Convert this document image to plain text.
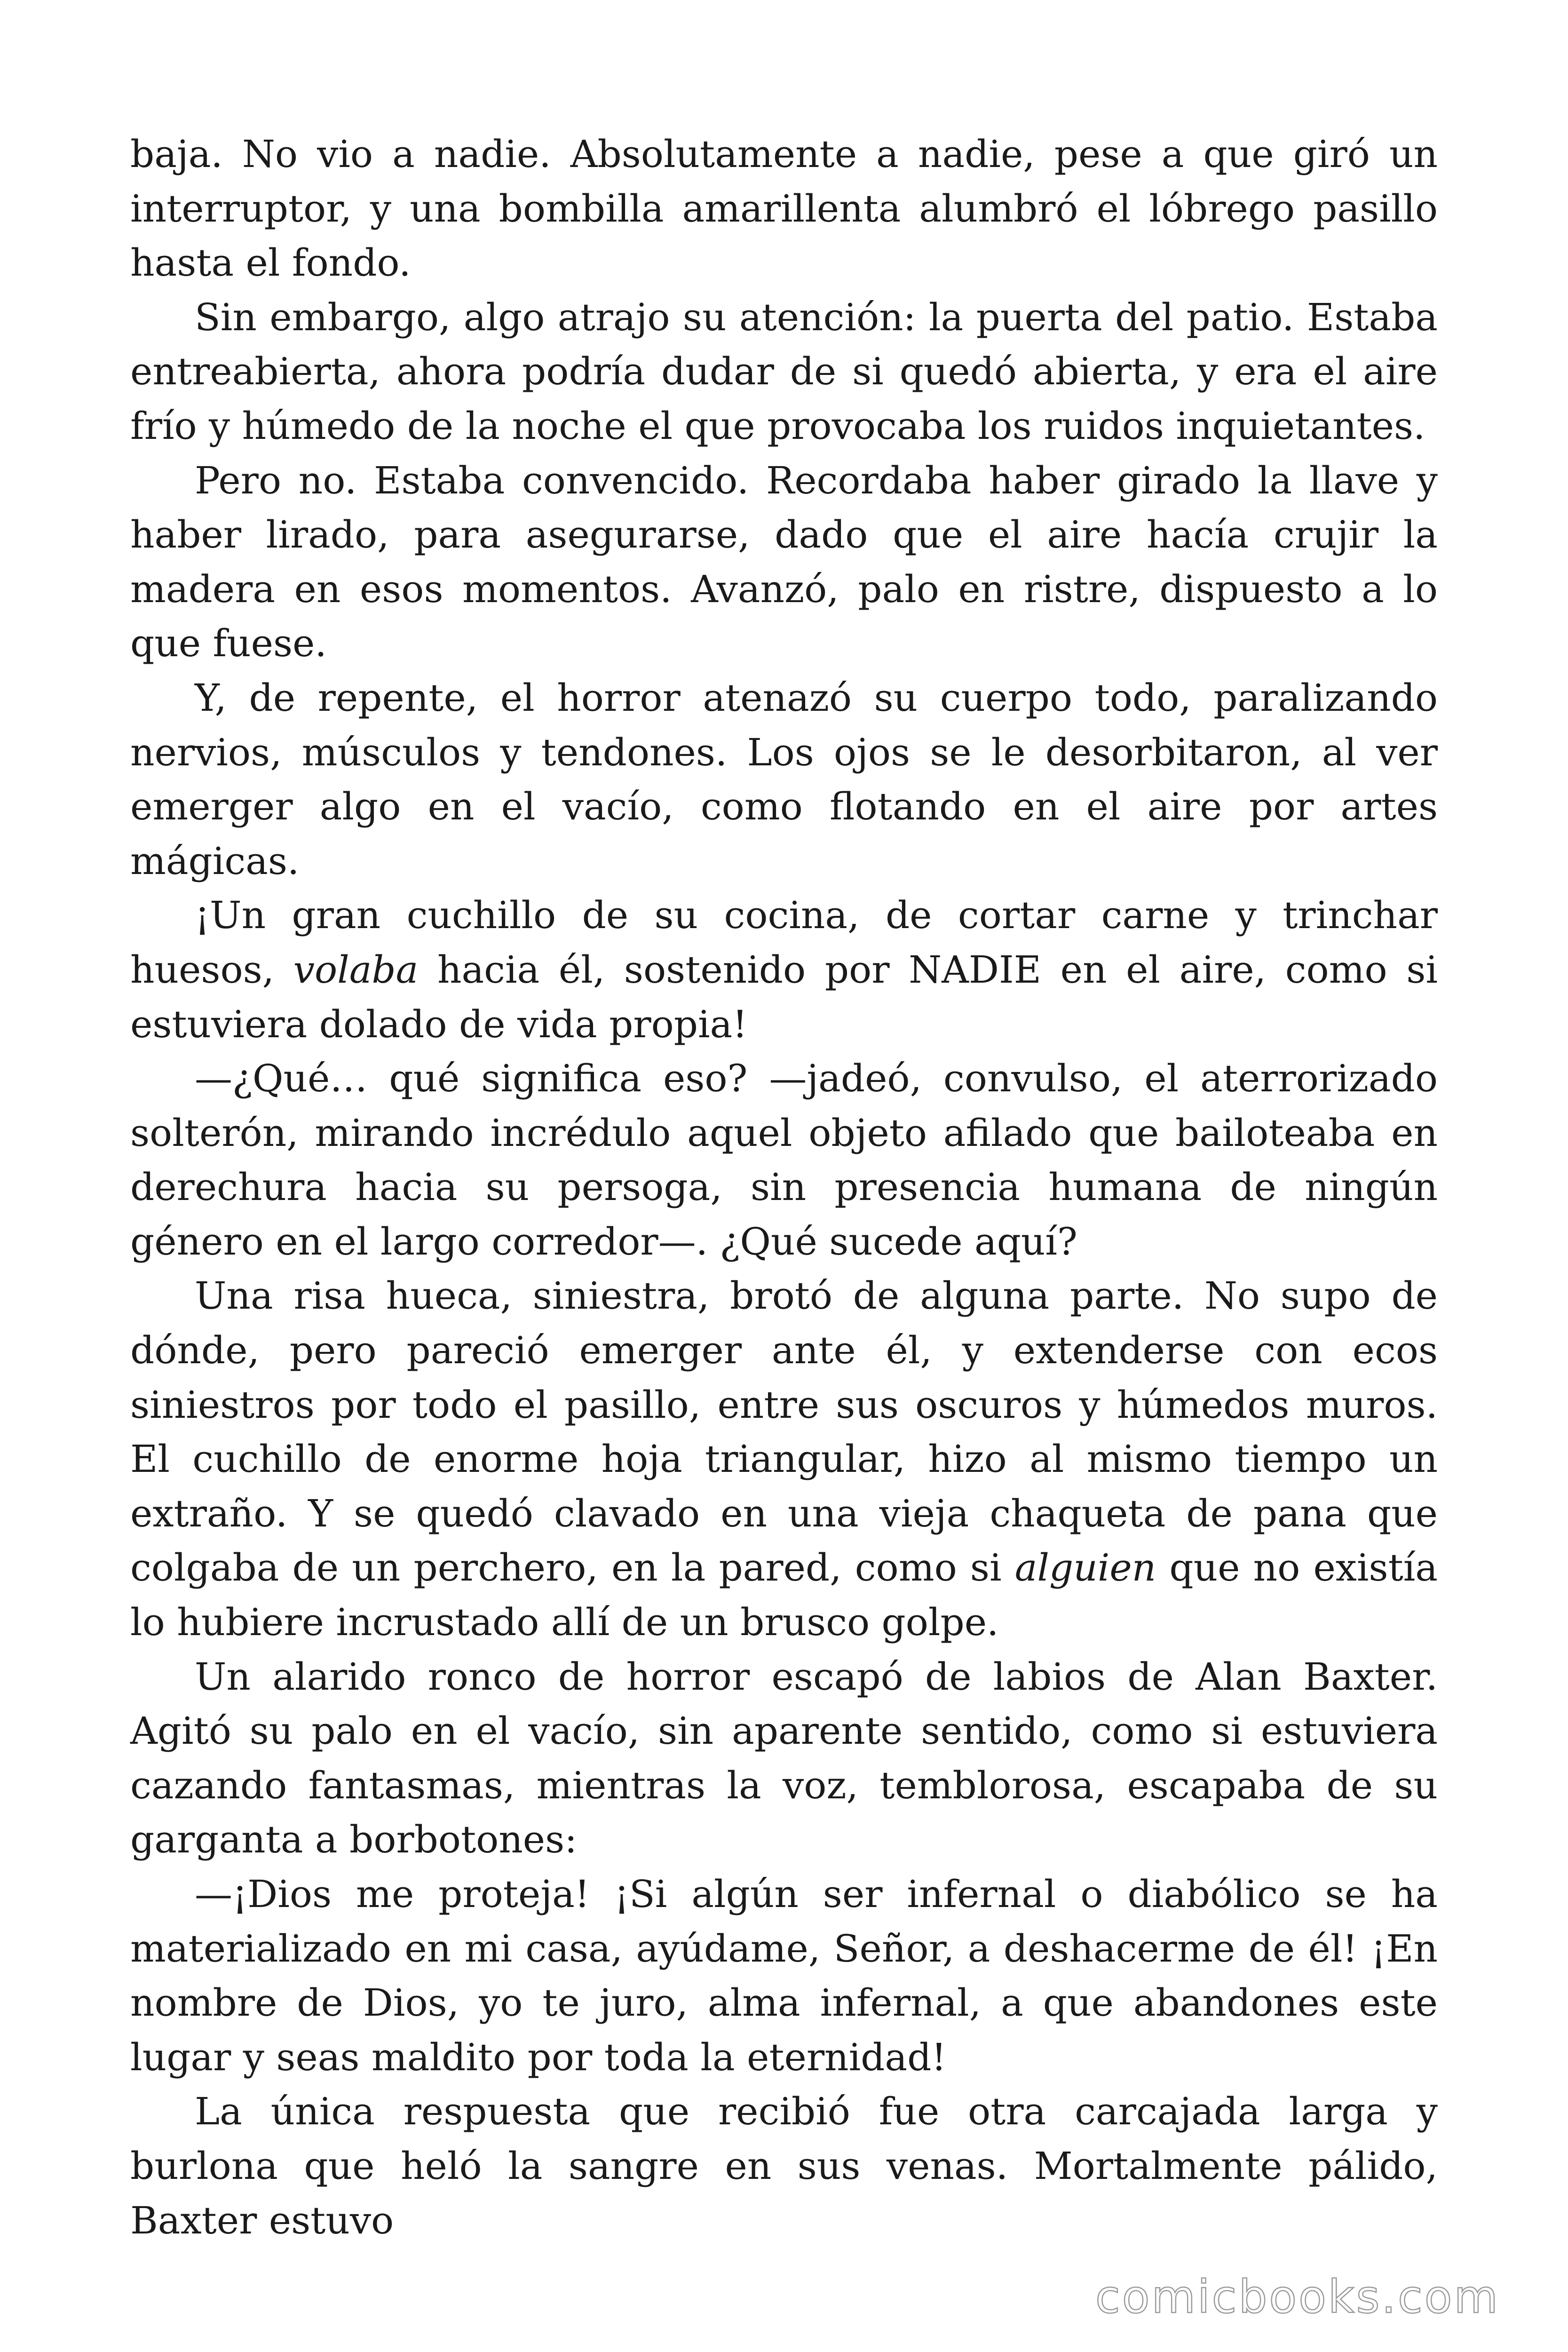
baja. No vio a nadie. Absolutamente a nadie, pese a que giró un interruptor, y una bombilla amarillenta alumbró el lóbrego pasillo hasta el fondo.

Sin embargo, algo atrajo su atención: la puerta del patio. Estaba entreabierta, ahora podría dudar de si quedó abierta, y era el aire frío y húmedo de la noche el que provocaba los ruidos inquietantes.

Pero no. Estaba convencido. Recordaba haber girado la llave y haber lirado, para asegurarse, dado que el aire hacía crujir la madera en esos momentos. Avanzó, palo en ristre, dispuesto a lo que fuese.

Y, de repente, el horror atenazó su cuerpo todo, paralizando nervios, músculos y tendones. Los ojos se le desorbitaron, al ver emerger algo en el vacío, como flotando en el aire por artes mágicas.

¡Un gran cuchillo de su cocina, de cortar carne y trinchar huesos, volaba hacia él, sostenido por NADIE en el aire, como si estuviera dolado de vida propia!

—¿Qué… qué significa eso? —jadeó, convulso, el aterrorizado solterón, mirando incrédulo aquel objeto afilado que bailoteaba en derechura hacia su persoga, sin presencia humana de ningún género en el largo corredor—. ¿Qué sucede aquí?

Una risa hueca, siniestra, brotó de alguna parte. No supo de dónde, pero pareció emerger ante él, y extenderse con ecos siniestros por todo el pasillo, entre sus oscuros y húmedos muros. El cuchillo de enorme hoja triangular, hizo al mismo tiempo un extraño. Y se quedó clavado en una vieja chaqueta de pana que colgaba de un perchero, en la pared, como si alguien que no existía lo hubiere incrustado allí de un brusco golpe.

Un alarido ronco de horror escapó de labios de Alan Baxter. Agitó su palo en el vacío, sin aparente sentido, como si estuviera cazando fantasmas, mientras la voz, temblorosa, escapaba de su garganta a borbotones:

—¡Dios me proteja! ¡Si algún ser infernal o diabólico se ha materializado en mi casa, ayúdame, Señor, a deshacerme de él! ¡En nombre de Dios, yo te juro, alma infernal, a que abandones este lugar y seas maldito por toda la eternidad!

La única respuesta que recibió fue otra carcajada larga y burlona que heló la sangre en sus venas. Mortalmente pálido, Baxter estuvo

comicbooks.com
